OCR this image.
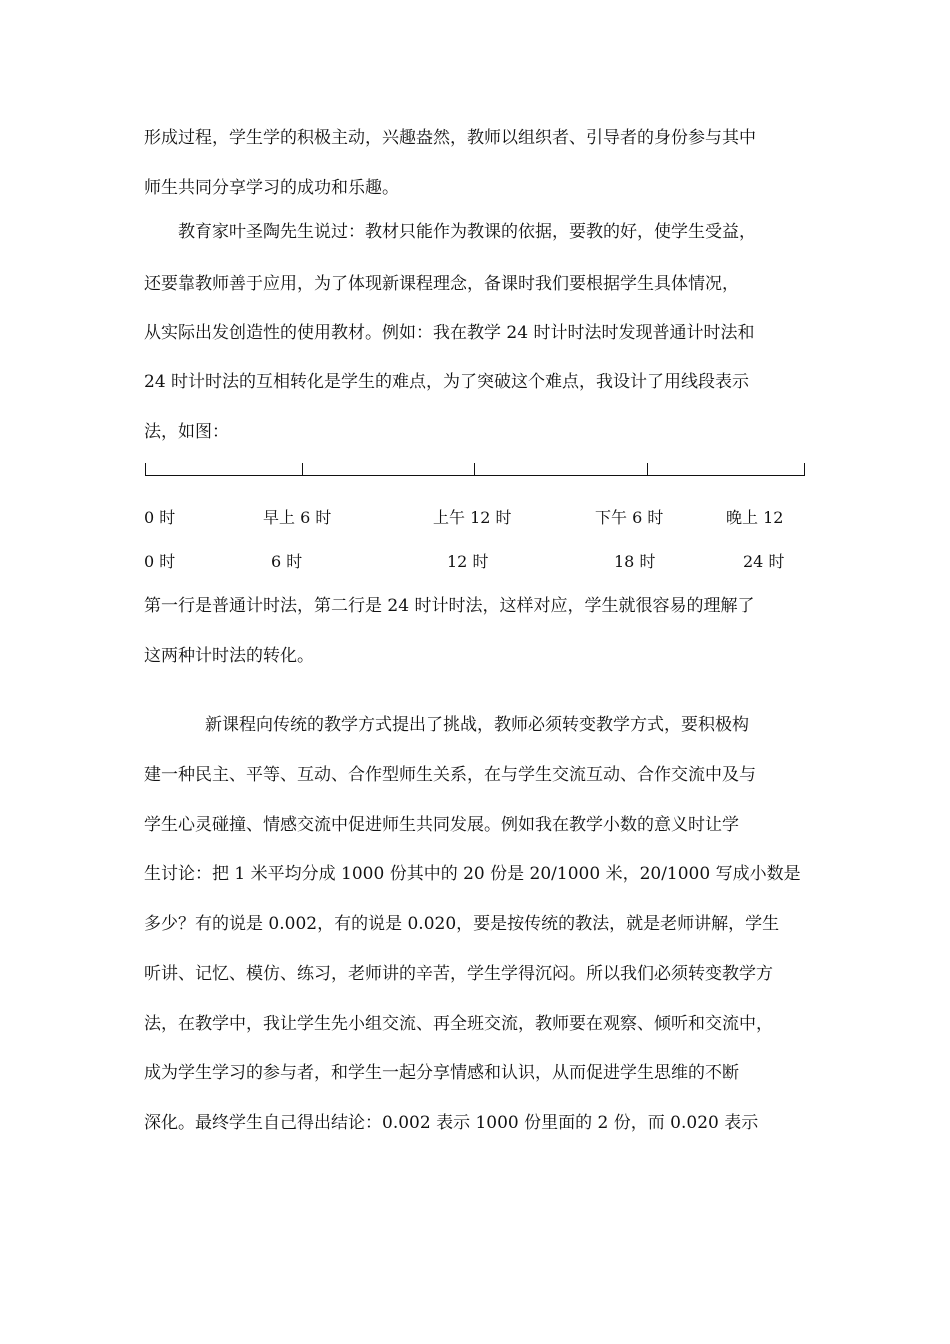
形成过程，学生学的积极主动，兴趣盎然，教师以组织者、引导者的身份参与其中
师生共同分享学习的成功和乐趣。
教育家叶圣陶先生说过：教材只能作为教课的依据，要教的好，使学生受益，
还要靠教师善于应用，为了体现新课程理念，备课时我们要根据学生具体情况，
从实际出发创造性的使用教材。例如：我在教学 24 时计时法时发现普通计时法和
24 时计时法的互相转化是学生的难点，为了突破这个难点，我设计了用线段表示
法，如图：
0 时	早上 6 时	上午 12 时	下午 6 时	晚上 12
0 时	6 时	12 时	18 时	24 时
第一行是普通计时法，第二行是 24 时计时法，这样对应，学生就很容易的理解了
这两种计时法的转化。
新课程向传统的教学方式提出了挑战，教师必须转变教学方式，要积极构
建一种民主、平等、互动、合作型师生关系，在与学生交流互动、合作交流中及与
学生心灵碰撞、情感交流中促进师生共同发展。例如我在教学小数的意义时让学
生讨论：把 1 米平均分成 1000 份其中的 20 份是 20/1000 米，20/1000 写成小数是
多少？有的说是 0.002，有的说是 0.020，要是按传统的教法，就是老师讲解，学生
听讲、记忆、模仿、练习，老师讲的辛苦，学生学得沉闷。所以我们必须转变教学方
法，在教学中，我让学生先小组交流、再全班交流，教师要在观察、倾听和交流中，
成为学生学习的参与者，和学生一起分享情感和认识，从而促进学生思维的不断
深化。最终学生自己得出结论：0.002 表示 1000 份里面的 2 份，而 0.020 表示
